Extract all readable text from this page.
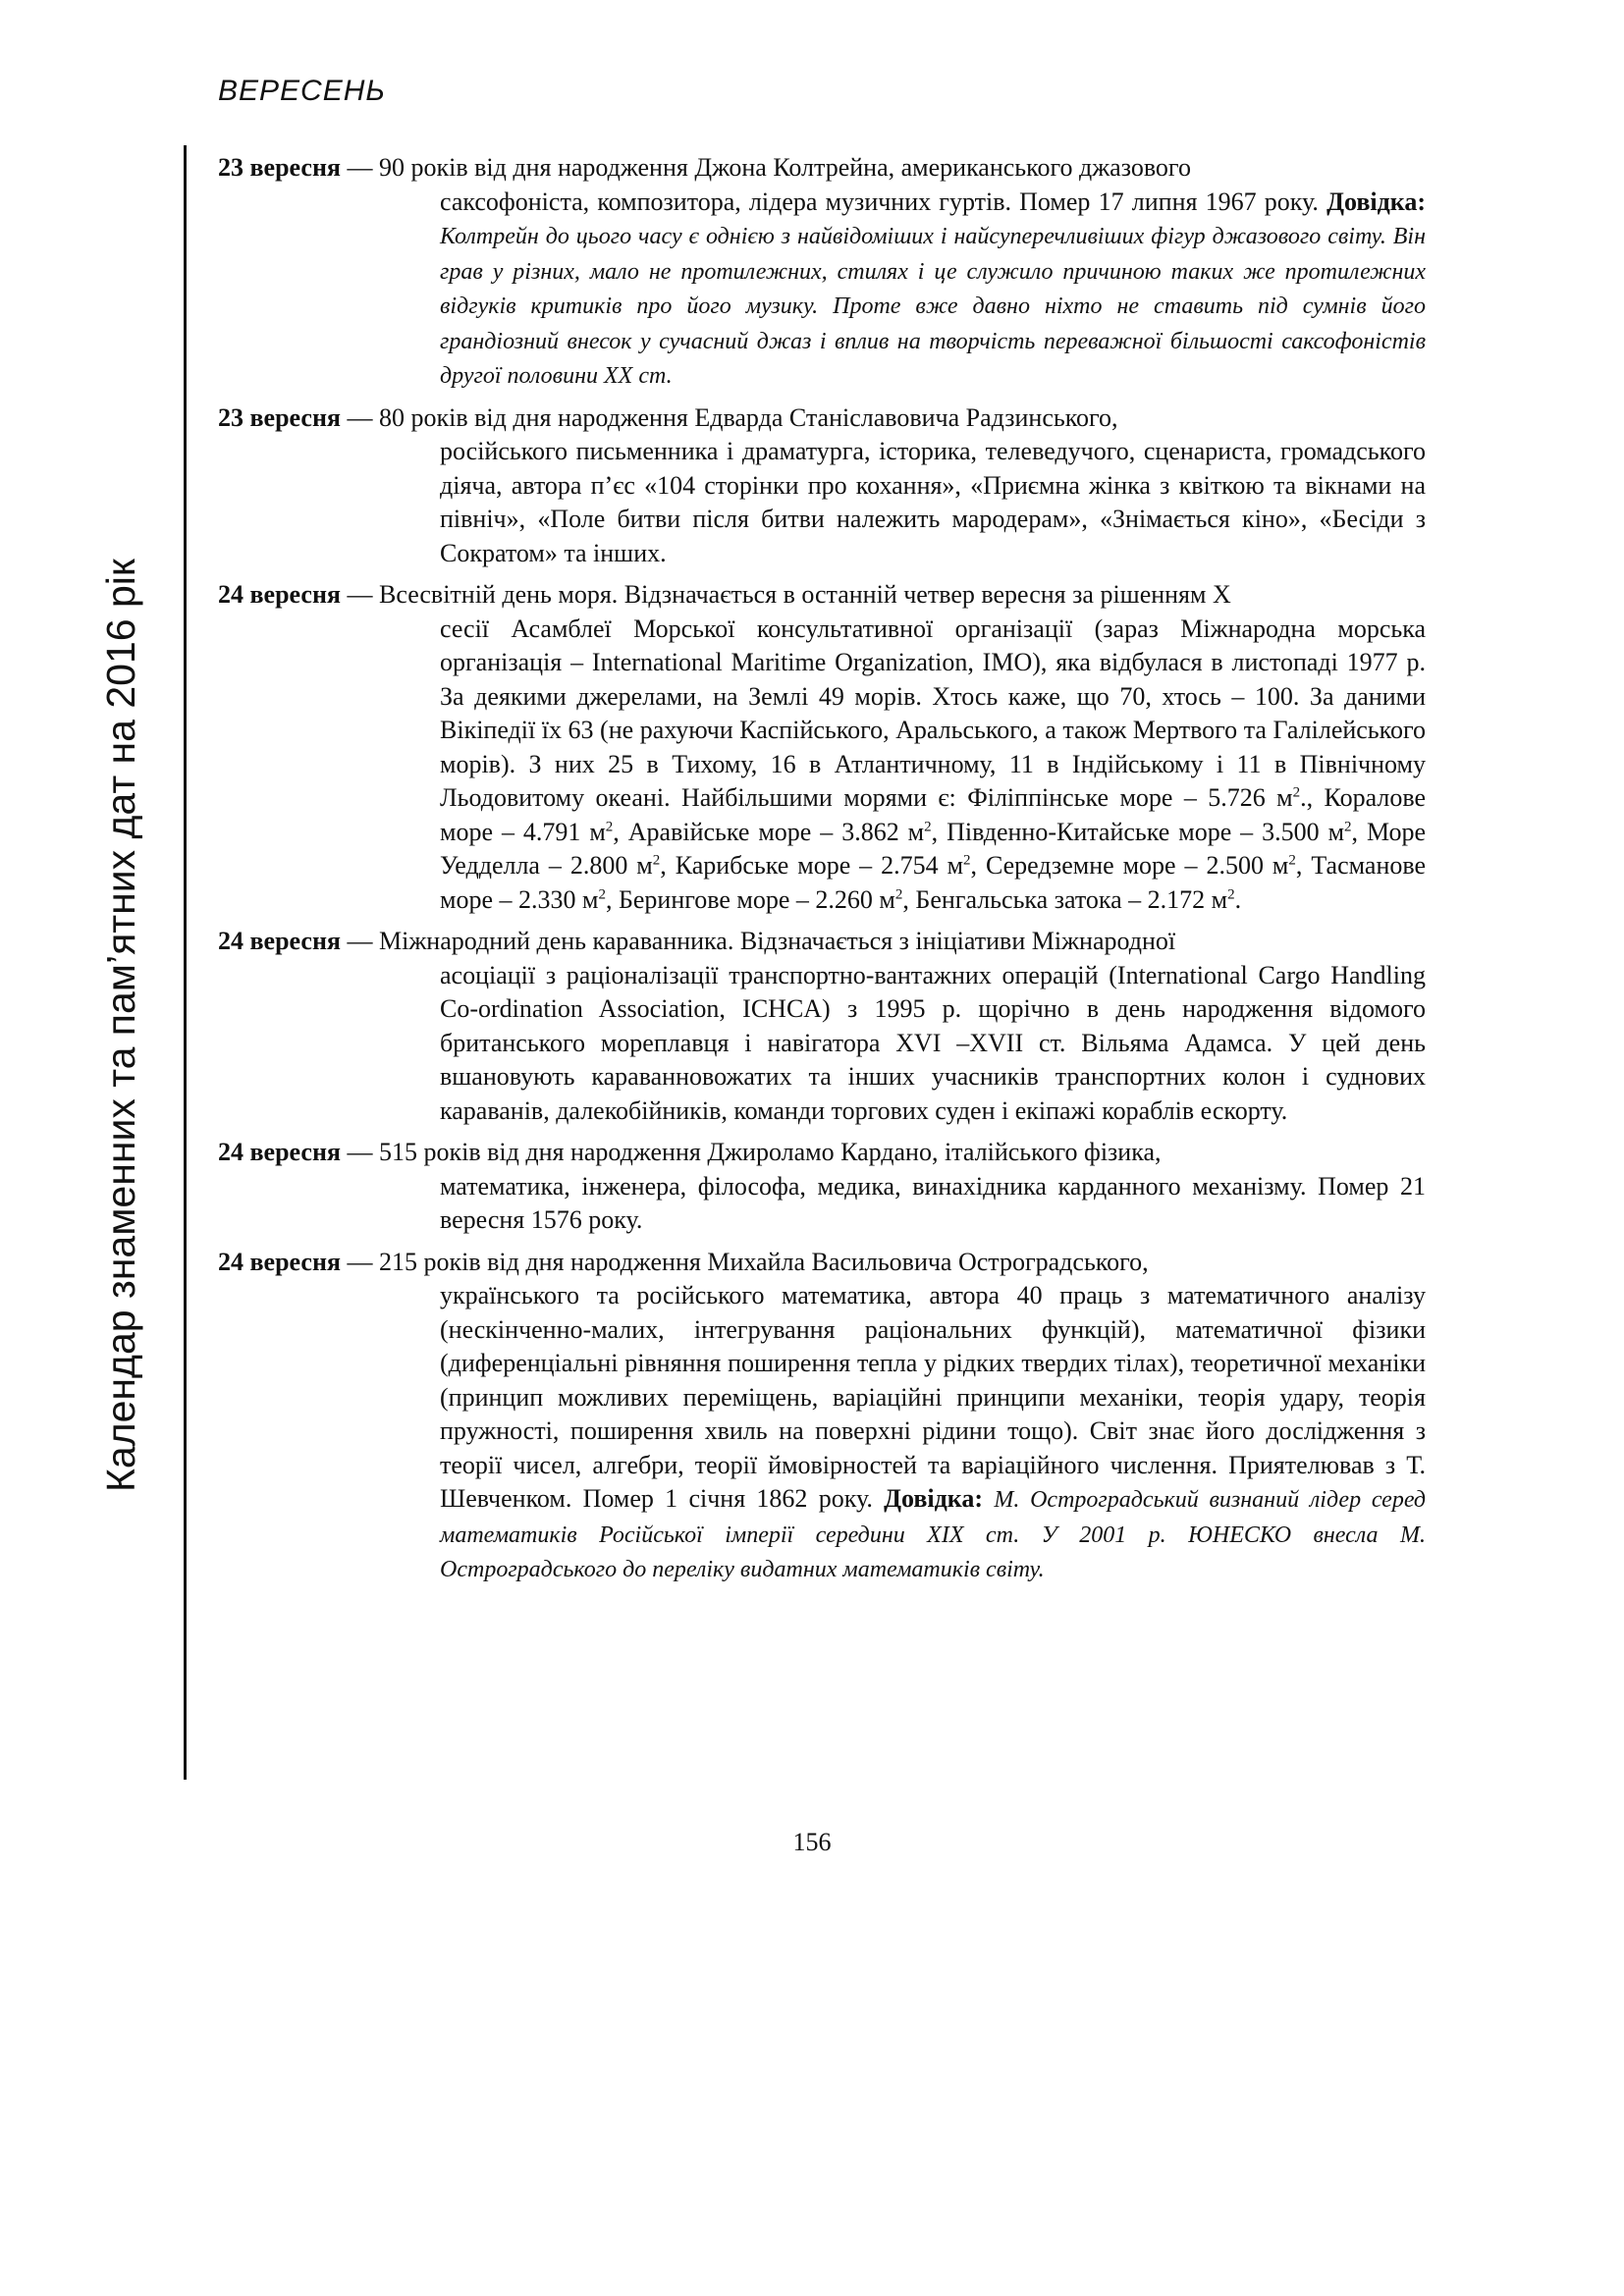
ВЕРЕСЕНЬ
Календар знаменних та пам’ятних дат на 2016 рік
23 вересня — 90 років від дня народження Джона Колтрейна, американського джазового

саксофоніста, композитора, лідера музичних гуртів. Помер 17 липня 1967 року. Довідка: Колтрейн до цього часу є однією з найвідоміших і найсуперечливіших фігур джазового світу. Він грав у різних, мало не протилежних, стилях і це служило причиною таких же протилежних відгуків критиків про його музику. Проте вже давно ніхто не ставить під сумнів його грандіозний внесок у сучасний джаз і вплив на творчість переважної більшості саксофоністів другої половини XX ст.

23 вересня — 80 років від дня народження Едварда Станіславовича Радзинського,

російського письменника і драматурга, історика, телеведучого, сценариста, громадського діяча, автора п’єс «104 сторінки про кохання», «Приємна жінка з квіткою та вікнами на північ», «Поле битви після битви належить мародерам», «Знімається кіно», «Бесіди з Сократом» та інших.

24 вересня — Всесвітній день моря. Відзначається в останній четвер вересня за рішенням X

сесії Асамблеї Морської консультативної організації (зараз Міжнародна морська організація – International Maritime Organization, IMO), яка відбулася в листопаді 1977 р. За деякими джерелами, на Землі 49 морів. Хтось каже, що 70, хтось – 100. За даними Вікіпедії їх 63 (не рахуючи Каспійського, Аральського, а також Мертвого та Галілейського морів). З них 25 в Тихому, 16 в Атлантичному, 11 в Індійському і 11 в Північному Льодовитому океані. Найбільшими морями є: Філіппінське море – 5.726 $м^2$., Коралове море – 4.791 $м^2$, Аравійське море – 3.862 $м^2$, Південно-Китайське море – 3.500 $м^2$, Море Уедделла – 2.800 $м^2$, Карибське море – 2.754 $м^2$, Середземне море – 2.500 $м^2$, Тасманове море – 2.330 $м^2$, Берингове море – 2.260 $м^2$, Бенгальська затока – 2.172 $м^2$.

24 вересня — Міжнародний день караванника. Відзначається з ініціативи Міжнародної

асоціації з раціоналізації транспортно-вантажних операцій (International Cargo Handling Co-ordination Association, ICHCA) з 1995 р. щорічно в день народження відомого британського мореплавця і навігатора XVI –XVII ст. Вільяма Адамса. У цей день вшановують караванновожатих та інших учасників транспортних колон і суднових караванів, далекобійників, команди торгових суден і екіпажі кораблів ескорту.

24 вересня — 515 років від дня народження Джироламо Кардано, італійського фізика,

математика, інженера, філософа, медика, винахідника карданного механізму. Помер 21 вересня 1576 року.

24 вересня — 215 років від дня народження Михайла Васильовича Остроградського,

українського та російського математика, автора 40 праць з математичного аналізу (нескінченно-малих, інтегрування раціональних функцій), математичної фізики (диференціальні рівняння поширення тепла у рідких твердих тілах), теоретичної механіки (принцип можливих переміщень, варіаційні принципи механіки, теорія удару, теорія пружності, поширення хвиль на поверхні рідини тощо). Світ знає його дослідження з теорії чисел, алгебри, теорії ймовірностей та варіаційного числення. Приятелював з Т. Шевченком. Помер 1 січня 1862 року. Довідка: М. Остроградський визнаний лідер серед математиків Російської імперії середини XIX ст. У 2001 р. ЮНЕСКО внесла М. Остроградського до переліку видатних математиків світу.

156
